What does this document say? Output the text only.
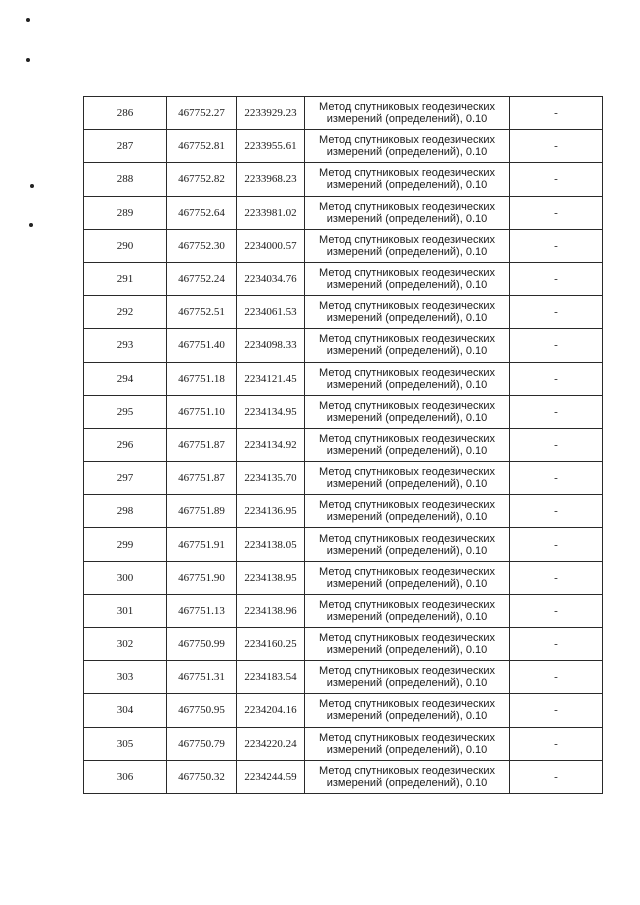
286	467752.27	2233929.23	Метод спутниковых геодезических
измерений (определений), 0.10	-
287	467752.81	2233955.61	Метод спутниковых геодезических
измерений (определений), 0.10	-
288	467752.82	2233968.23	Метод спутниковых геодезических
измерений (определений), 0.10	-
289	467752.64	2233981.02	Метод спутниковых геодезических
измерений (определений), 0.10	-
290	467752.30	2234000.57	Метод спутниковых геодезических
измерений (определений), 0.10	-
291	467752.24	2234034.76	Метод спутниковых геодезических
измерений (определений), 0.10	-
292	467752.51	2234061.53	Метод спутниковых геодезических
измерений (определений), 0.10	-
293	467751.40	2234098.33	Метод спутниковых геодезических
измерений (определений), 0.10	-
294	467751.18	2234121.45	Метод спутниковых геодезических
измерений (определений), 0.10	-
295	467751.10	2234134.95	Метод спутниковых геодезических
измерений (определений), 0.10	-
296	467751.87	2234134.92	Метод спутниковых геодезических
измерений (определений), 0.10	-
297	467751.87	2234135.70	Метод спутниковых геодезических
измерений (определений), 0.10	-
298	467751.89	2234136.95	Метод спутниковых геодезических
измерений (определений), 0.10	-
299	467751.91	2234138.05	Метод спутниковых геодезических
измерений (определений), 0.10	-
300	467751.90	2234138.95	Метод спутниковых геодезических
измерений (определений), 0.10	-
301	467751.13	2234138.96	Метод спутниковых геодезических
измерений (определений), 0.10	-
302	467750.99	2234160.25	Метод спутниковых геодезических
измерений (определений), 0.10	-
303	467751.31	2234183.54	Метод спутниковых геодезических
измерений (определений), 0.10	-
304	467750.95	2234204.16	Метод спутниковых геодезических
измерений (определений), 0.10	-
305	467750.79	2234220.24	Метод спутниковых геодезических
измерений (определений), 0.10	-
306	467750.32	2234244.59	Метод спутниковых геодезических
измерений (определений), 0.10	-
